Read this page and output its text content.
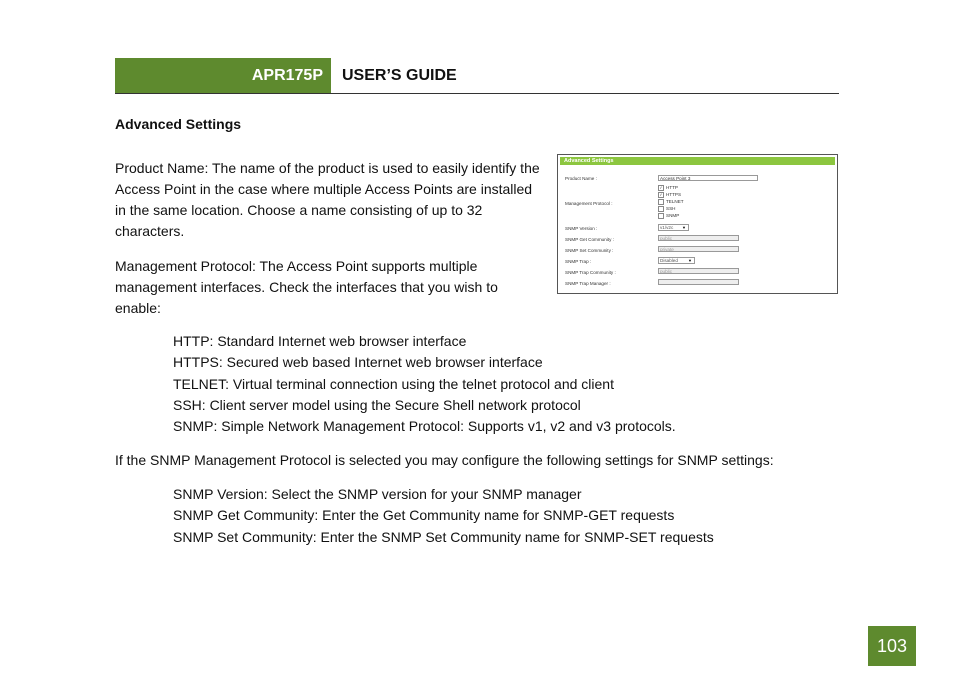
APR175P USER’S GUIDE
Advanced Settings

Product Name: The name of the product is used to easily identify the Access Point in the case where multiple Access Points are installed in the same location. Choose a name consisting of up to 32 characters.

Management Protocol: The Access Point supports multiple management interfaces. Check the interfaces that you wish to enable:

HTTP: Standard Internet web browser interface
HTTPS: Secured web based Internet web browser interface
TELNET: Virtual terminal connection using the telnet protocol and client
SSH: Client server model using the Secure Shell network protocol
SNMP: Simple Network Management Protocol: Supports v1, v2 and v3 protocols.

If the SNMP Management Protocol is selected you may configure the following settings for SNMP settings:

SNMP Version: Select the SNMP version for your SNMP manager
SNMP Get Community: Enter the Get Community name for SNMP-GET requests
SNMP Set Community: Enter the SNMP Set Community name for SNMP-SET requests
Advanced Settings
Product Name :	Access Point 3
Management Protocol :
✓ HTTP
✓ HTTPS
TELNET
SSH
SNMP
SNMP Version :	v1/v2c ▼
SNMP Get Community :	public
SNMP Set Community :	private
SNMP Trap :	Disabled	▼
SNMP Trap Community :	public
SNMP Trap Manager :
103
